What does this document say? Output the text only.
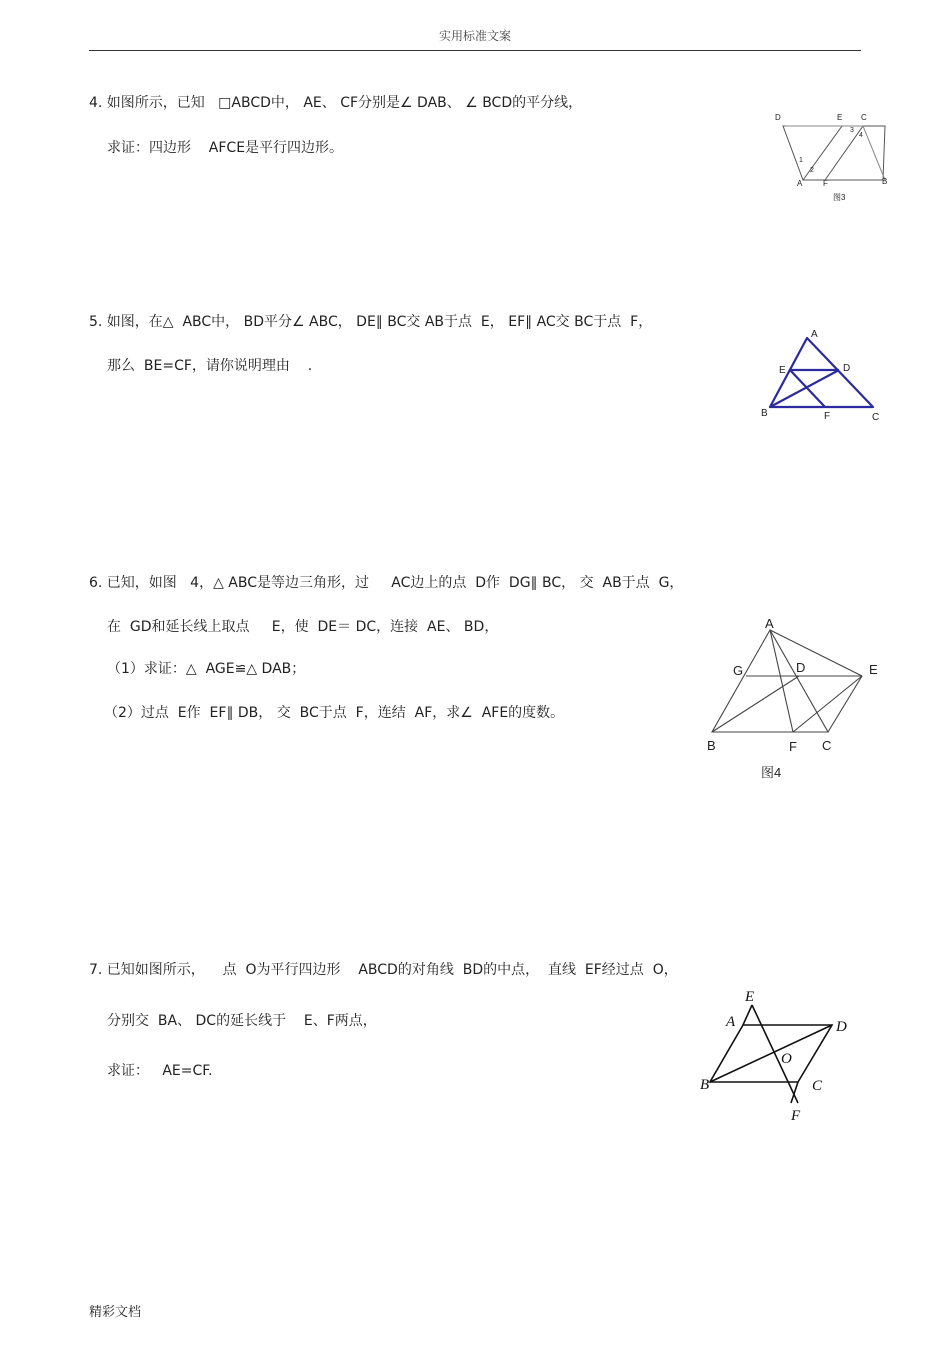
实用标准文案
4. 如图所示，已知   □ABCD中， AE、 CF分别是∠ DAB、 ∠ BCD的平分线，
求证：四边形    AFCE是平行四边形。
D	E C
A	F	B
1
2
3
4
图3
5. 如图，在△  ABC中， BD平分∠ ABC， DE∥ BC交 AB于点  E， EF∥ AC交 BC于点  F，
那么  BE=CF，请你说明理由    .
A
E	D
B	F	C
6. 已知，如图   4，△ ABC是等边三角形，过     AC边上的点  D作  DG∥ BC， 交  AB于点  G，
在  GD和延长线上取点     E，使  DE＝ DC，连接  AE、 BD，
（1）求证：△  AGE≌△ DAB；
（2）过点  E作  EF∥ DB， 交  BC于点  F，连结  AF，求∠  AFE的度数。
A
G	D	E
B	F C
图4
7. 已知如图所示，    点  O为平行四边形    ABCD的对角线  BD的中点，  直线  EF经过点  O，
分别交  BA、 DC的延长线于    E、F两点，
求证：   AE=CF.
E
A	D
O
B	C
F
精彩文档
